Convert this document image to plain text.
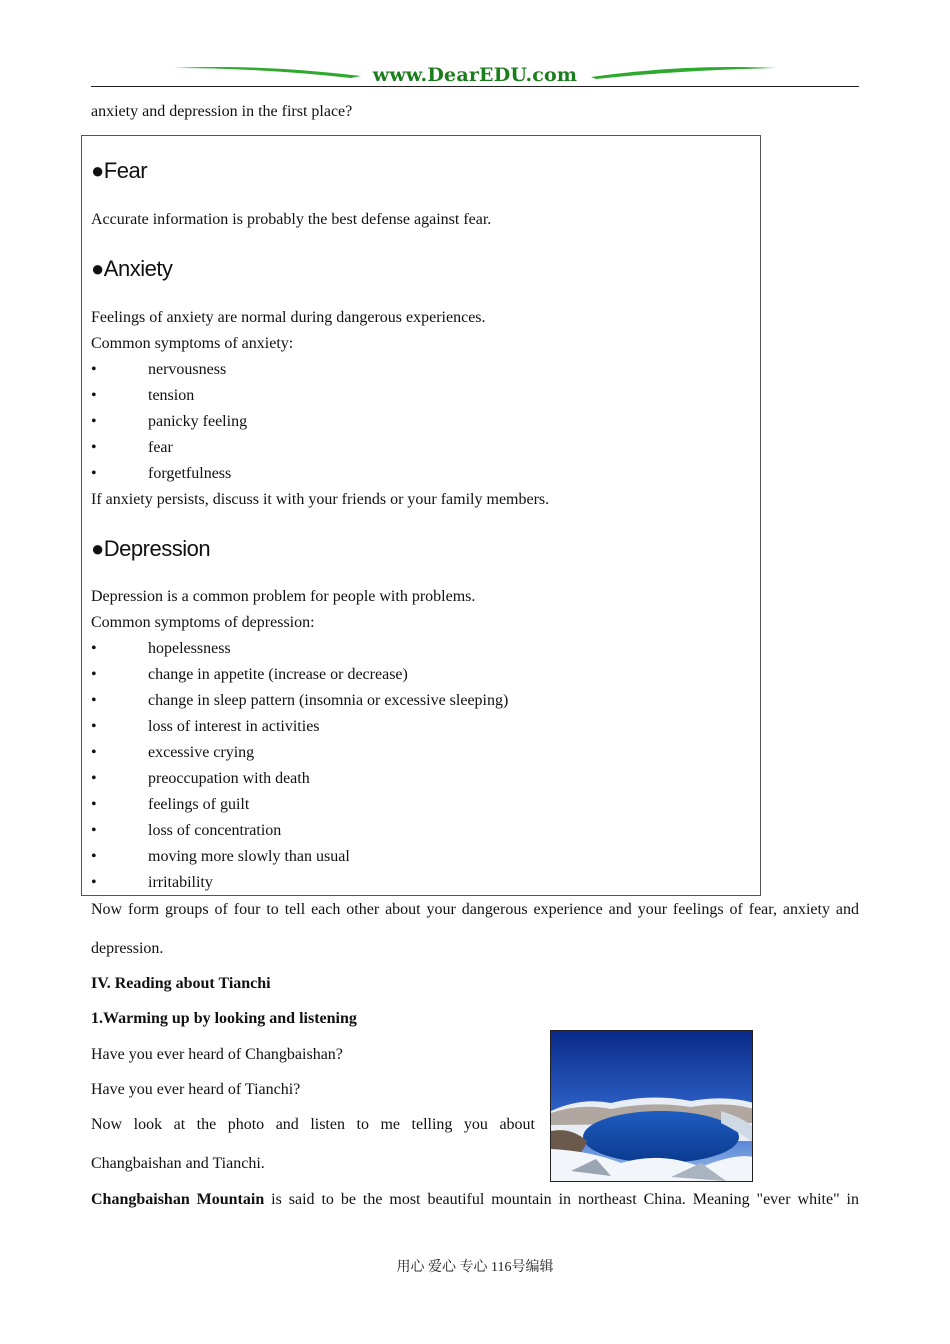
www.DearEDU.com
anxiety and depression in the first place?
●Fear
Accurate information is probably the best defense against fear.
●Anxiety
Feelings of anxiety are normal during dangerous experiences.
Common symptoms of anxiety:
•	nervousness
•	tension
•	panicky feeling
•	fear
•	forgetfulness
If anxiety persists, discuss it with your friends or your family members.
●Depression
Depression is a common problem for people with problems.
Common symptoms of depression:
•	hopelessness
•	change in appetite (increase or decrease)
•	change in sleep pattern (insomnia or excessive sleeping)
•	loss of interest in activities
•	excessive crying
•	preoccupation with death
•	feelings of guilt
•	loss of concentration
•	moving more slowly than usual
•	irritability
Now form groups of four to tell each other about your dangerous experience and your feelings of fear, anxiety and
depression.
IV. Reading about Tianchi
1.Warming up by looking and listening
Have you ever heard of Changbaishan?
Have you ever heard of Tianchi?
Now look at the photo and listen to me telling you about
Changbaishan and Tianchi.
Changbaishan Mountain is said to be the most beautiful mountain in northeast China. Meaning "ever white" in
用心 爱心 专心 116号编辑
